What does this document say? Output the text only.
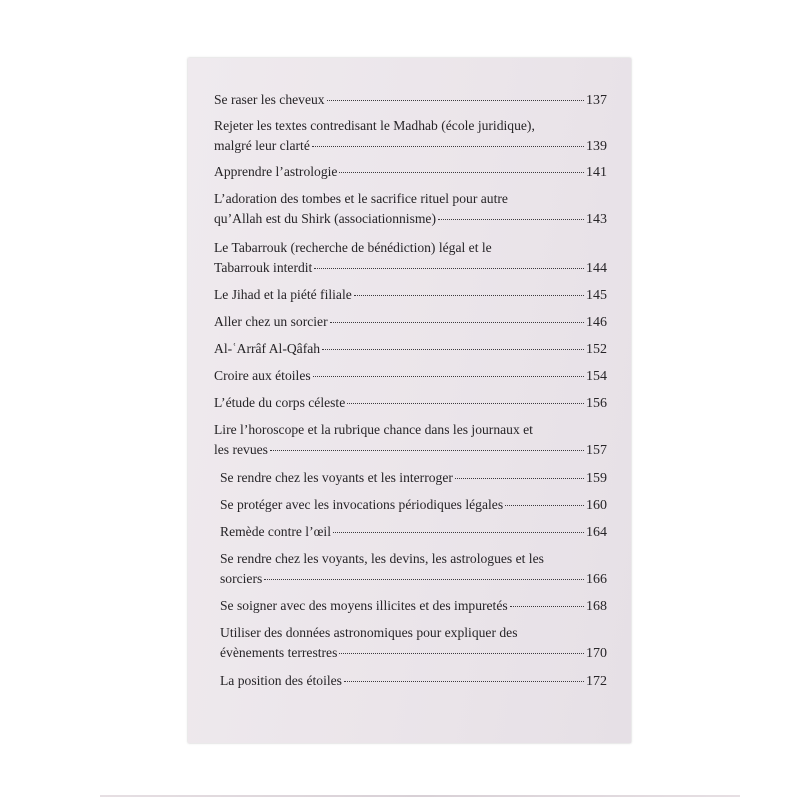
Se raser les cheveux	137
Rejeter les textes contredisant le Madhab (école juridique),
malgré leur clarté	139
Apprendre l’astrologie	141
L’adoration des tombes et le sacrifice rituel pour autre
qu’Allah est du Shirk (associationnisme)	143
Le Tabarrouk (recherche de bénédiction) légal et le
Tabarrouk interdit	144
Le Jihad et la piété filiale	145
Aller chez un sorcier	146
Al-ʿArrâf Al-Qâfah	152
Croire aux étoiles	154
L’étude du corps céleste	156
Lire l’horoscope et la rubrique chance dans les journaux et
les revues	157
Se rendre chez les voyants et les interroger	159
Se protéger avec les invocations périodiques légales	160
Remède contre l’œil	164
Se rendre chez les voyants, les devins, les astrologues et les
sorciers	166
Se soigner avec des moyens illicites et des impuretés	168
Utiliser des données astronomiques pour expliquer des
évènements terrestres	170
La position des étoiles	172
